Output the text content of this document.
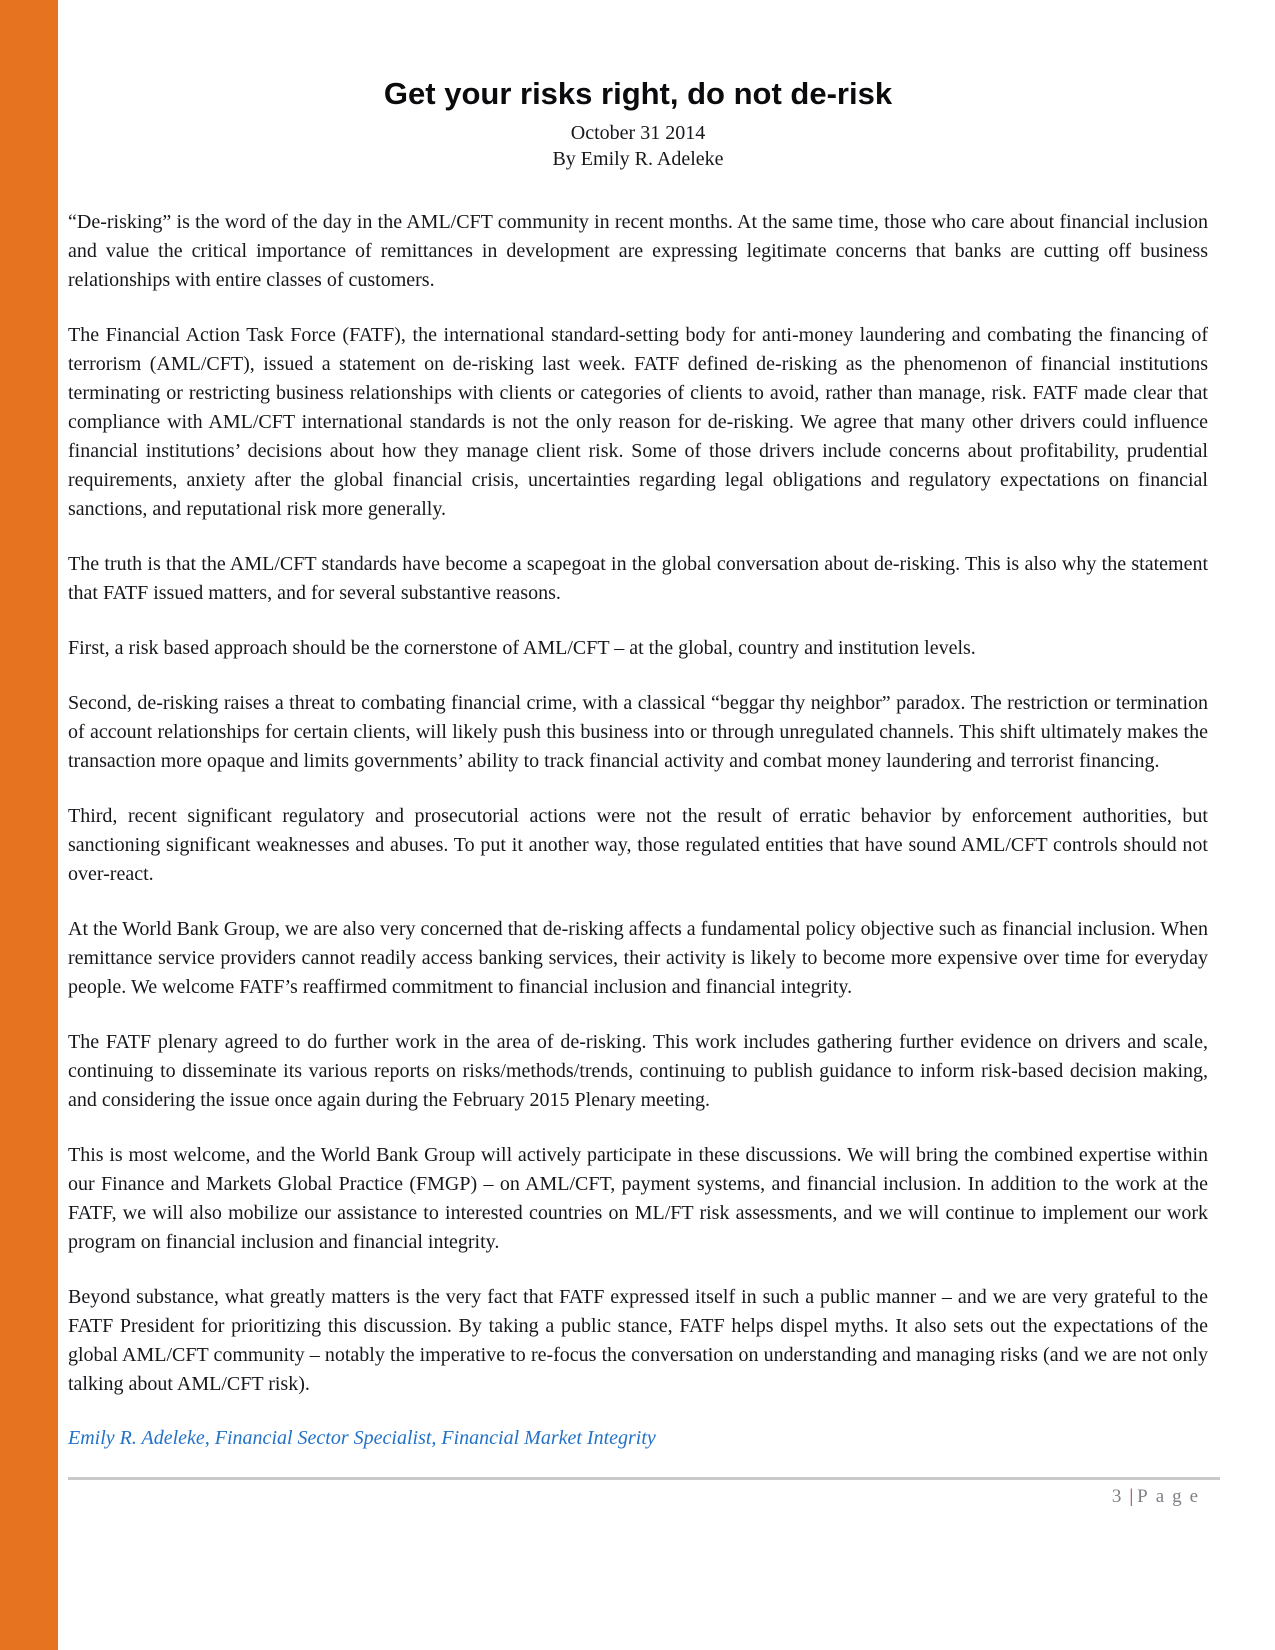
Get your risks right, do not de-risk

October 31 2014

By Emily R. Adeleke

“De-risking” is the word of the day in the AML/CFT community in recent months. At the same time, those who care about financial inclusion and value the critical importance of remittances in development are expressing legitimate concerns that banks are cutting off business relationships with entire classes of customers.

The Financial Action Task Force (FATF), the international standard-setting body for anti-money laundering and combating the financing of terrorism (AML/CFT), issued a statement on de-risking last week. FATF defined de-risking as the phenomenon of financial institutions terminating or restricting business relationships with clients or categories of clients to avoid, rather than manage, risk. FATF made clear that compliance with AML/CFT international standards is not the only reason for de-risking. We agree that many other drivers could influence financial institutions’ decisions about how they manage client risk. Some of those drivers include concerns about profitability, prudential requirements, anxiety after the global financial crisis, uncertainties regarding legal obligations and regulatory expectations on financial sanctions, and reputational risk more generally.

The truth is that the AML/CFT standards have become a scapegoat in the global conversation about de-risking. This is also why the statement that FATF issued matters, and for several substantive reasons.

First, a risk based approach should be the cornerstone of AML/CFT – at the global, country and institution levels.

Second, de-risking raises a threat to combating financial crime, with a classical “beggar thy neighbor” paradox. The restriction or termination of account relationships for certain clients, will likely push this business into or through unregulated channels. This shift ultimately makes the transaction more opaque and limits governments’ ability to track financial activity and combat money laundering and terrorist financing.

Third, recent significant regulatory and prosecutorial actions were not the result of erratic behavior by enforcement authorities, but sanctioning significant weaknesses and abuses. To put it another way, those regulated entities that have sound AML/CFT controls should not over-react.

At the World Bank Group, we are also very concerned that de-risking affects a fundamental policy objective such as financial inclusion. When remittance service providers cannot readily access banking services, their activity is likely to become more expensive over time for everyday people. We welcome FATF’s reaffirmed commitment to financial inclusion and financial integrity.

The FATF plenary agreed to do further work in the area of de-risking. This work includes gathering further evidence on drivers and scale, continuing to disseminate its various reports on risks/methods/trends, continuing to publish guidance to inform risk-based decision making, and considering the issue once again during the February 2015 Plenary meeting.

This is most welcome, and the World Bank Group will actively participate in these discussions. We will bring the combined expertise within our Finance and Markets Global Practice (FMGP) – on AML/CFT, payment systems, and financial inclusion. In addition to the work at the FATF, we will also mobilize our assistance to interested countries on ML/FT risk assessments, and we will continue to implement our work program on financial inclusion and financial integrity.

Beyond substance, what greatly matters is the very fact that FATF expressed itself in such a public manner – and we are very grateful to the FATF President for prioritizing this discussion. By taking a public stance, FATF helps dispel myths. It also sets out the expectations of the global AML/CFT community – notably the imperative to re-focus the conversation on understanding and managing risks (and we are not only talking about AML/CFT risk).

Emily R. Adeleke, Financial Sector Specialist, Financial Market Integrity

3 | Page
